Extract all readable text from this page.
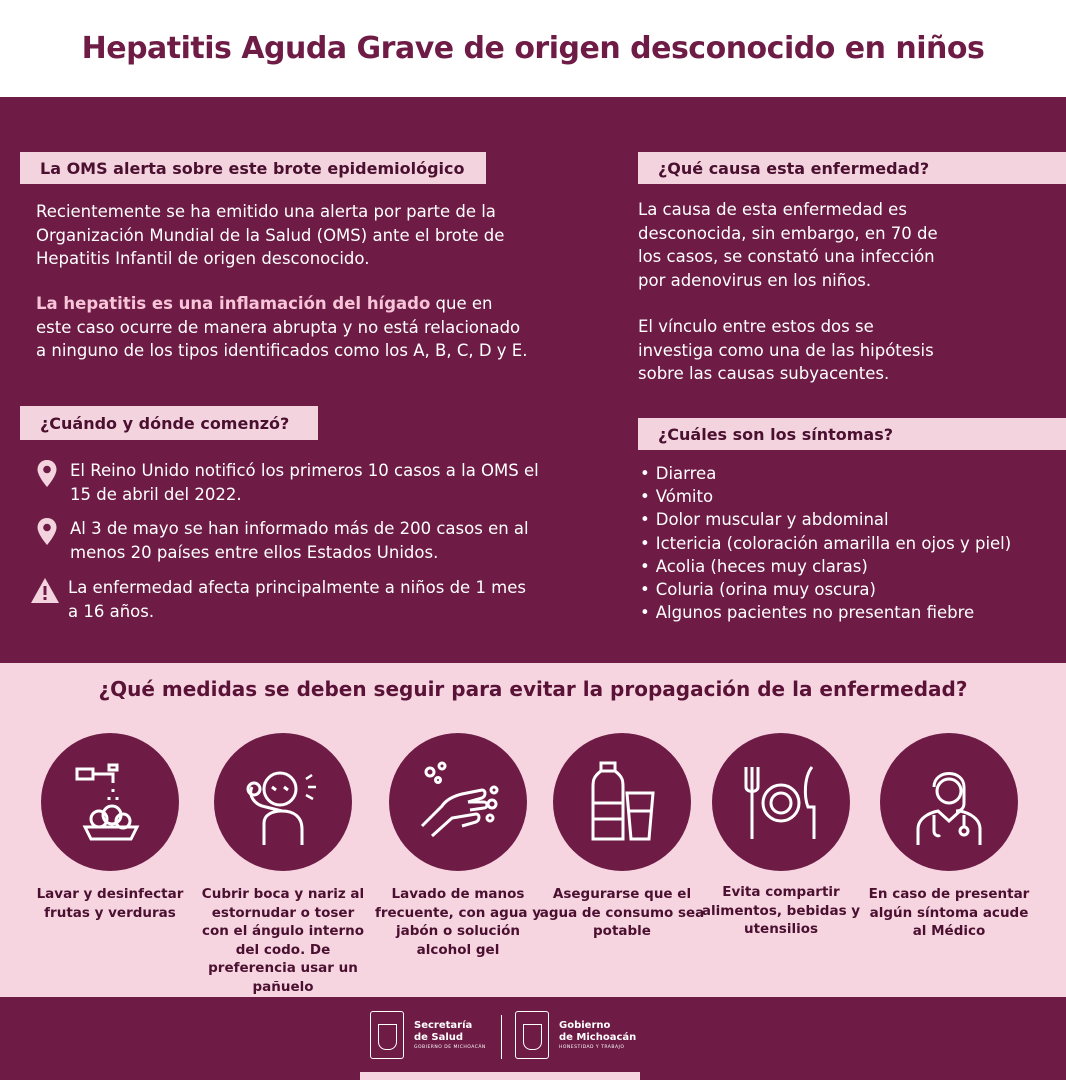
Hepatitis Aguda Grave de origen desconocido en niños
La OMS alerta sobre este brote epidemiológico
Recientemente se ha emitido una alerta por parte de la Organización Mundial de la Salud (OMS) ante el brote de Hepatitis Infantil de origen desconocido.
La hepatitis es una inflamación del hígado que en este caso ocurre de manera abrupta y no está relacionado a ninguno de los tipos identificados como los A, B, C, D y E.
¿Cuándo y dónde comenzó?
El Reino Unido notificó los primeros 10 casos a la OMS el 15 de abril del 2022.
Al 3 de mayo se han informado más de 200 casos en al menos 20 países entre ellos Estados Unidos.
La enfermedad afecta principalmente a niños de 1 mes a 16 años.
¿Qué causa esta enfermedad?
La causa de esta enfermedad es desconocida, sin embargo, en 70 de los casos, se constató una infección por adenovirus en los niños.
El vínculo entre estos dos se investiga como una de las hipótesis sobre las causas subyacentes.
¿Cuáles son los síntomas?
• Diarrea
• Vómito
• Dolor muscular y abdominal
• Ictericia (coloración amarilla en ojos y piel)
• Acolia (heces muy claras)
• Coluria (orina muy oscura)
• Algunos pacientes no presentan fiebre
¿Qué medidas se deben seguir para evitar la propagación de la enfermedad?
Lavar y desinfectar frutas y verduras
Cubrir boca y nariz al estornudar o toser con el ángulo interno del codo. De preferencia usar un pañuelo
Lavado de manos frecuente, con agua y jabón o solución alcohol gel
Asegurarse que el agua de consumo sea potable
Evita compartir alimentos, bebidas y utensilios
En caso de presentar algún síntoma acude al Médico
Secretaría
de Salud
GOBIERNO DE MICHOACÁN
Gobierno
de Michoacán
HONESTIDAD Y TRABAJO
